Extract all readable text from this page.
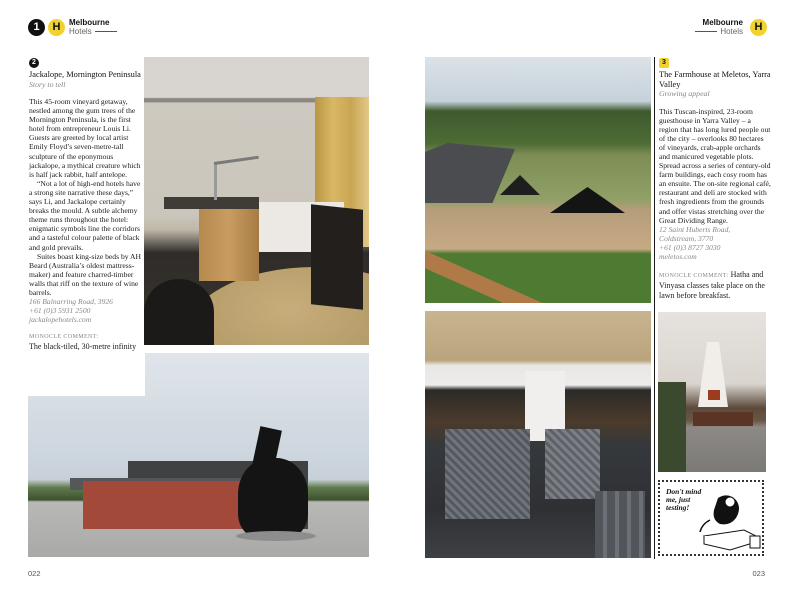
1	H	Melbourne
Hotels
Melbourne
Hotels	H
2
Jackalope, Mornington Peninsula
Story to tell

This 45-room vineyard getaway, nestled among the gum trees of the Mornington Peninsula, is the first hotel from entrepreneur Louis Li. Guests are greeted by local artist Emily Floyd’s seven-metre-tall sculpture of the eponymous jackalope, a mythical creature which is half jack rabbit, half antelope.

“Not a lot of high-end hotels have a strong site narrative these days,” says Li, and Jackalope certainly breaks the mould. A subtle alchemy theme runs throughout the hotel: enigmatic symbols line the corridors and a tasteful colour palette of black and gold prevails.

Suites boast king-size beds by AH Beard (Australia’s oldest mattress-maker) and feature charred-timber walls that riff on the texture of wine barrels.

166 Balnarring Road, 3926
+61 (0)3 5931 2500
jackalopehotels.com
MONOCLE COMMENT:
The black-tiled, 30-metre infinity
3
The Farmhouse at Meletos, Yarra Valley
Growing appeal

This Tuscan-inspired, 23-room guesthouse in Yarra Valley – a region that has long lured people out of the city – overlooks 80 hectares of vineyards, crab-apple orchards and manicured vegetable plots. Spread across a series of century-old farm buildings, each cosy room has an ensuite. The on-site regional café, restaurant and deli are stocked with fresh ingredients from the grounds and offer vistas stretching over the Great Dividing Range.

12 Saint Huberts Road,
Coldstream, 3770
+61 (0)3 8727 3030
meletos.com
MONOCLE COMMENT: Hatha and Vinyasa classes take place on the lawn before breakfast.
Don't mind me, just testing!
022	023
